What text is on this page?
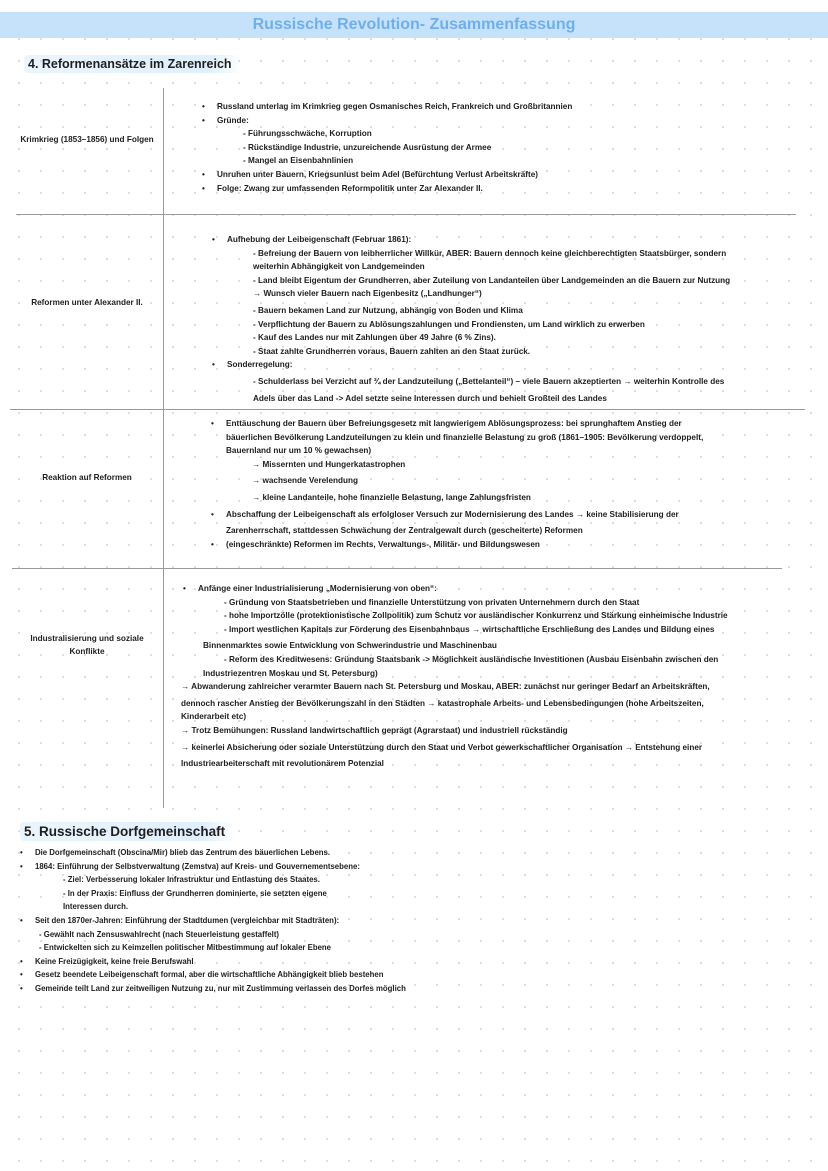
Russische Revolution- Zusammenfassung
4. Reformenansätze im Zarenreich
Krimkrieg (1853–1856) und Folgen
Reformen unter Alexander II.
Reaktion auf Reformen
Industralisierung und soziale Konflikte

• Russland unterlag im Krimkrieg gegen Osmanisches Reich, Frankreich und Großbritannien

• Gründe:

- Führungsschwäche, Korruption

- Rückständige Industrie, unzureichende Ausrüstung der Armee

- Mangel an Eisenbahnlinien

• Unruhen unter Bauern, Kriegsunlust beim Adel (Befürchtung Verlust Arbeitskräfte)

• Folge: Zwang zur umfassenden Reformpolitik unter Zar Alexander II.

• Aufhebung der Leibeigenschaft (Februar 1861):

- Befreiung der Bauern von leibherrlicher Willkür, ABER: Bauern dennoch keine gleichberechtigten Staatsbürger, sondern

weiterhin Abhängigkeit von Landgemeinden

- Land bleibt Eigentum der Grundherren, aber Zuteilung von Landanteilen über Landgemeinden an die Bauern zur Nutzung

→ Wunsch vieler Bauern nach Eigenbesitz („Landhunger“)

- Bauern bekamen Land zur Nutzung, abhängig von Boden und Klima

- Verpflichtung der Bauern zu Ablösungszahlungen und Frondiensten, um Land wirklich zu erwerben

- Kauf des Landes nur mit Zahlungen über 49 Jahre (6 % Zins).

- Staat zahlte Grundherren voraus, Bauern zahlten an den Staat zurück.

• Sonderregelung:

- Schulderlass bei Verzicht auf ¾ der Landzuteilung („Bettelanteil“) – viele Bauern akzeptierten → weiterhin Kontrolle des

Adels über das Land -> Adel setzte seine Interessen durch und behielt Großteil des Landes

• Enttäuschung der Bauern über Befreiungsgesetz mit langwierigem Ablösungsprozess: bei sprunghaftem Anstieg der

bäuerlichen Bevölkerung Landzuteilungen zu klein und finanzielle Belastung zu groß (1861–1905: Bevölkerung verdoppelt,

Bauernland nur um 10 % gewachsen)

→ Missernten und Hungerkatastrophen

→ wachsende Verelendung

→ kleine Landanteile, hohe finanzielle Belastung, lange Zahlungsfristen

• Abschaffung der Leibeigenschaft als erfolgloser Versuch zur Modernisierung des Landes → keine Stabilisierung der

Zarenherrschaft, stattdessen Schwächung der Zentralgewalt durch (gescheiterte) Reformen

• (eingeschränkte) Reformen im Rechts, Verwaltungs-, Militär- und Bildungswesen

• Anfänge einer Industrialisierung „Modernisierung von oben“:

- Gründung von Staatsbetrieben und finanzielle Unterstützung von privaten Unternehmern durch den Staat

- hohe Importzölle (protektionistische Zollpolitik) zum Schutz vor ausländischer Konkurrenz und Stärkung einheimische Industrie

- Import westlichen Kapitals zur Förderung des Eisenbahnbaus → wirtschaftliche Erschließung des Landes und Bildung eines

Binnenmarktes sowie Entwicklung von Schwerindustrie und Maschinenbau

- Reform des Kreditwesens: Gründung Staatsbank -> Möglichkeit ausländische Investitionen (Ausbau Eisenbahn zwischen den

Industriezentren Moskau und St. Petersburg)

→ Abwanderung zahlreicher verarmter Bauern nach St. Petersburg und Moskau, ABER: zunächst nur geringer Bedarf an Arbeitskräften,

dennoch rascher Anstieg der Bevölkerungszahl in den Städten → katastrophale Arbeits- und Lebensbedingungen (hohe Arbeitszeiten,

Kinderarbeit etc)

→ Trotz Bemühungen: Russland landwirtschaftlich geprägt (Agrarstaat) und industriell rückständig

→ keinerlei Absicherung oder soziale Unterstützung durch den Staat und Verbot gewerkschaftlicher Organisation → Entstehung einer

Industriearbeiterschaft mit revolutionärem Potenzial

5. Russische Dorfgemeinschaft

• Die Dorfgemeinschaft (Obscina/Mir) blieb das Zentrum des bäuerlichen Lebens.

• 1864: Einführung der Selbstverwaltung (Zemstva) auf Kreis- und Gouvernementsebene:

- Ziel: Verbesserung lokaler Infrastruktur und Entlastung des Staates.

- In der Praxis: Einfluss der Grundherren dominierte, sie setzten eigene

Interessen durch.

• Seit den 1870er-Jahren: Einführung der Stadtdumen (vergleichbar mit Stadträten):

- Gewählt nach Zensuswahlrecht (nach Steuerleistung gestaffelt)

- Entwickelten sich zu Keimzellen politischer Mitbestimmung auf lokaler Ebene

• Keine Freizügigkeit, keine freie Berufswahl

• Gesetz beendete Leibeigenschaft formal, aber die wirtschaftliche Abhängigkeit blieb bestehen

• Gemeinde teilt Land zur zeitweiligen Nutzung zu, nur mit Zustimmung verlassen des Dorfes möglich
